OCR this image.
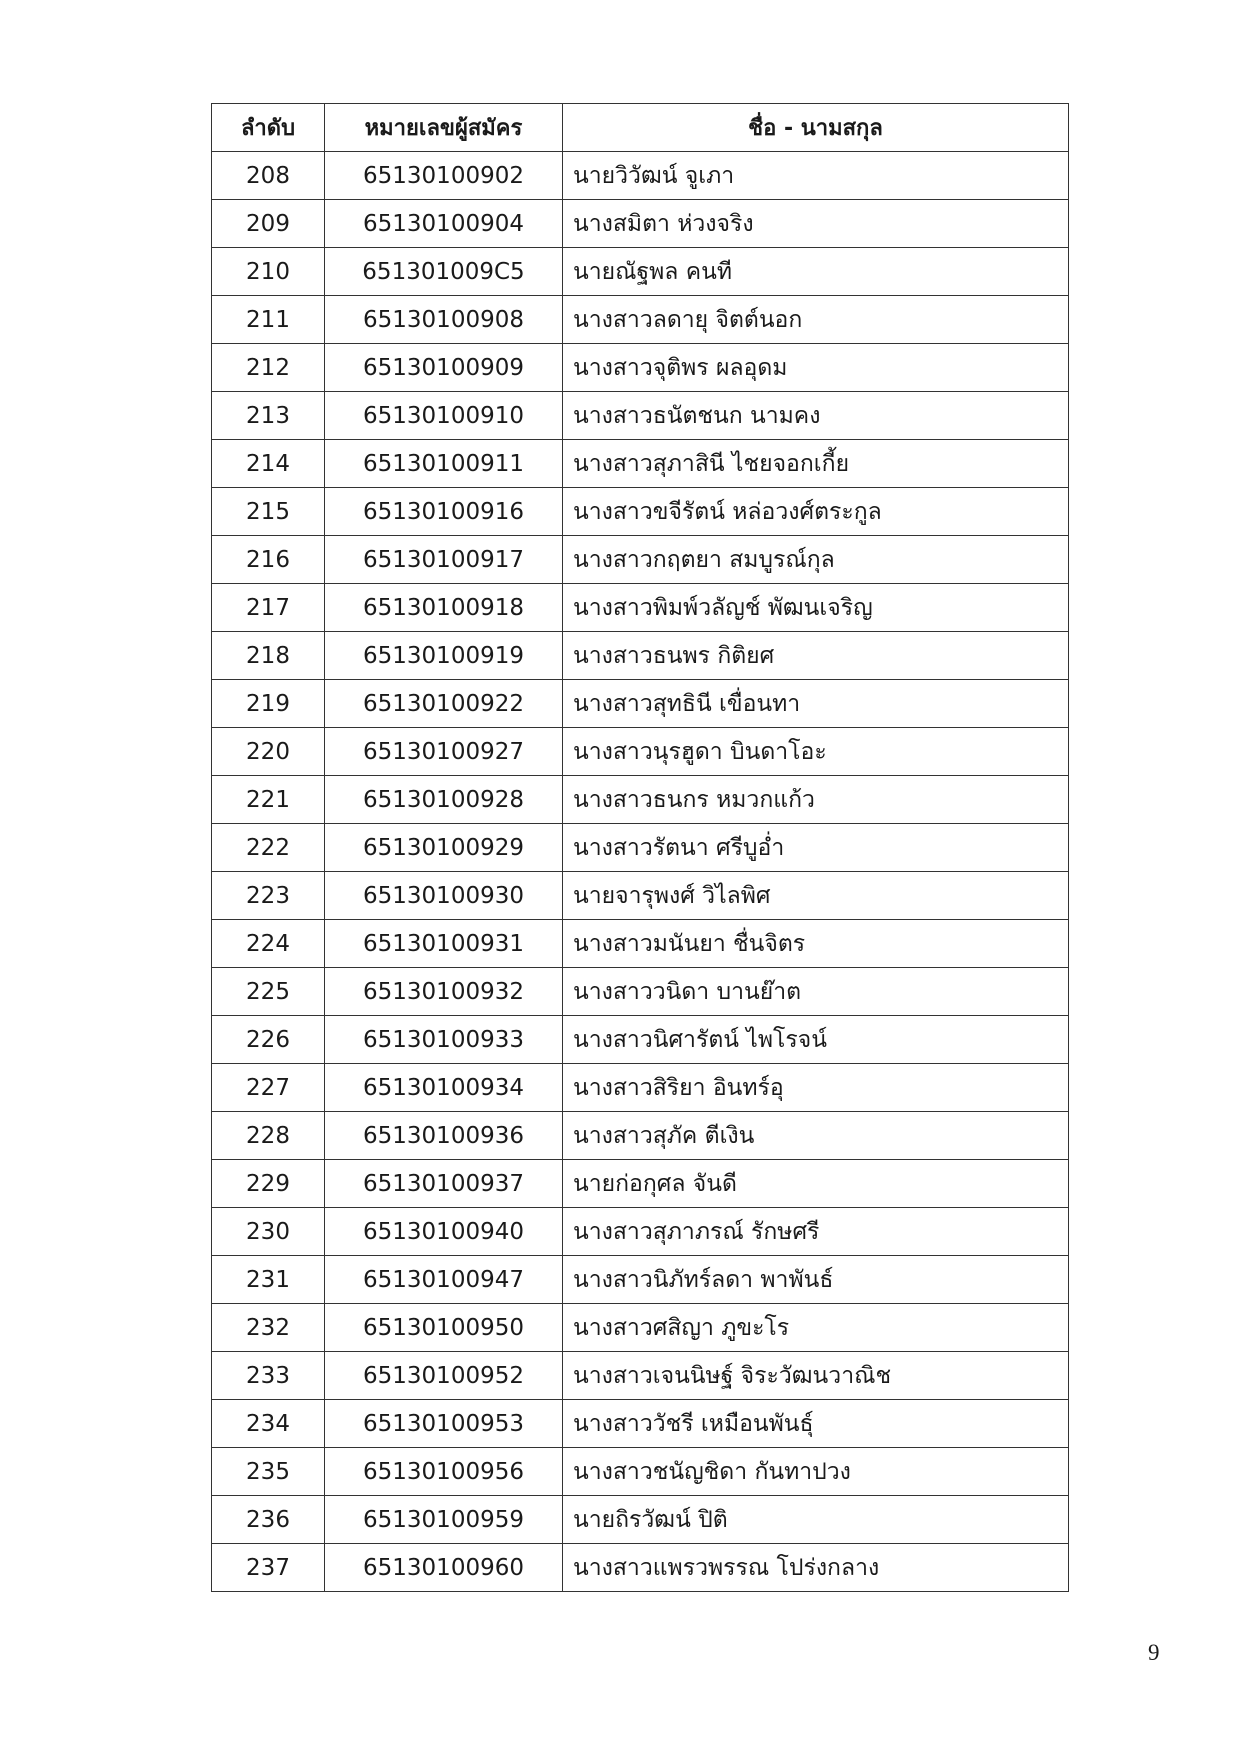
ลำดับ	หมายเลขผู้สมัคร	ชื่อ - นามสกุล
208	65130100902	นายวิวัฒน์ จูเภา
209	65130100904	นางสมิตา ห่วงจริง
210	651301009C5	นายณัฐพล คนที
211	65130100908	นางสาวลดายุ จิตต์นอก
212	65130100909	นางสาวจุติพร ผลอุดม
213	65130100910	นางสาวธนัตชนก นามคง
214	65130100911	นางสาวสุภาสินี ไชยจอกเกี้ย
215	65130100916	นางสาวขจีรัตน์ หล่อวงศ์ตระกูล
216	65130100917	นางสาวกฤตยา สมบูรณ์กุล
217	65130100918	นางสาวพิมพ์วลัญช์ พัฒนเจริญ
218	65130100919	นางสาวธนพร กิติยศ
219	65130100922	นางสาวสุทธินี เขื่อนทา
220	65130100927	นางสาวนุรฮูดา บินดาโอะ
221	65130100928	นางสาวธนกร หมวกแก้ว
222	65130100929	นางสาวรัตนา ศรีบูอ่ำ
223	65130100930	นายจารุพงศ์ วิไลพิศ
224	65130100931	นางสาวมนันยา ชื่นจิตร
225	65130100932	นางสาววนิดา บานย๊าต
226	65130100933	นางสาวนิศารัตน์ ไพโรจน์
227	65130100934	นางสาวสิริยา อินทร์อุ
228	65130100936	นางสาวสุภัค ตีเงิน
229	65130100937	นายก่อกุศล จันดี
230	65130100940	นางสาวสุภาภรณ์ รักษศรี
231	65130100947	นางสาวนิภัทร์ลดา พาพันธ์
232	65130100950	นางสาวศสิญา ภูขะโร
233	65130100952	นางสาวเจนนิษฐ์ จิระวัฒนวาณิช
234	65130100953	นางสาววัชรี เหมือนพันธุ์
235	65130100956	นางสาวชนัญชิดา กันทาปวง
236	65130100959	นายถิรวัฒน์ ปิติ
237	65130100960	นางสาวแพรวพรรณ โปร่งกลาง
9
